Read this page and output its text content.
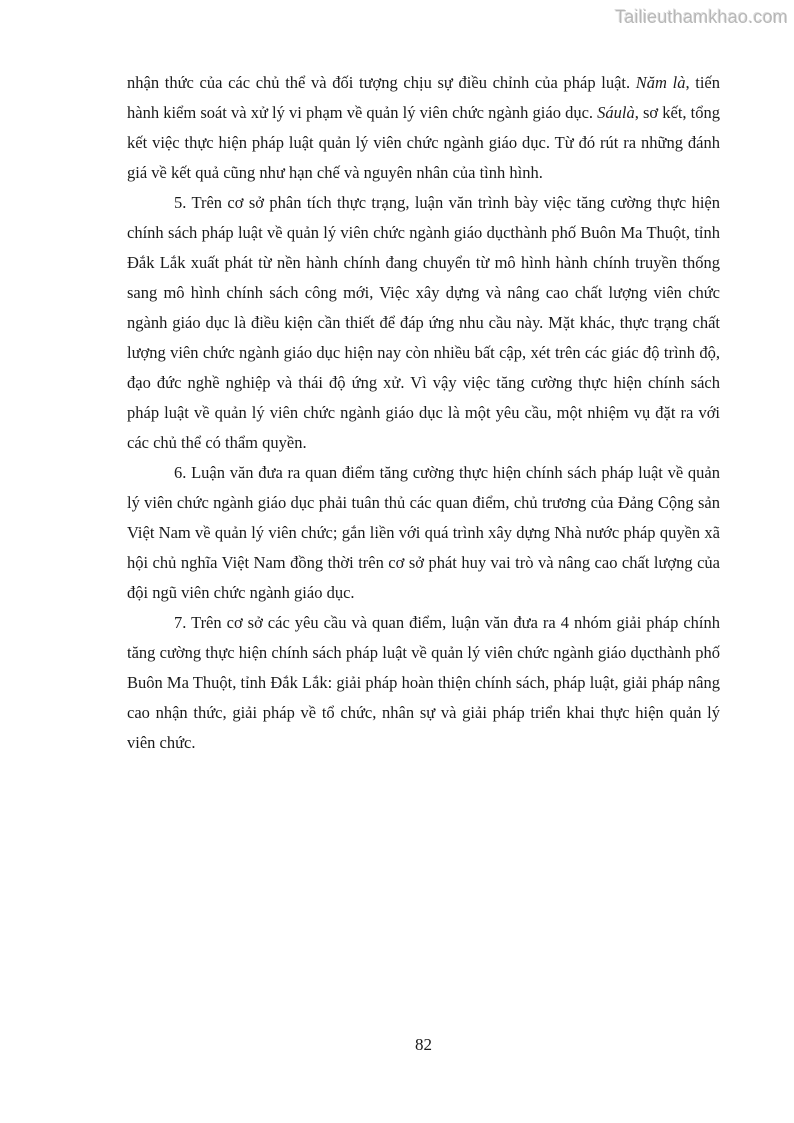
Tailieuthamkhao.com

nhận thức của các chủ thể và đối tượng chịu sự điều chỉnh của pháp luật. Năm là, tiến hành kiểm soát và xử lý vi phạm về quản lý viên chức ngành giáo dục. Sáulà, sơ kết, tổng kết việc thực hiện pháp luật quản lý viên chức ngành giáo dục. Từ đó rút ra những đánh giá về kết quả cũng như hạn chế và nguyên nhân của tình hình.

5. Trên cơ sở phân tích thực trạng, luận văn trình bày việc tăng cường thực hiện chính sách pháp luật về quản lý viên chức ngành giáo dụcthành phố Buôn Ma Thuột, tỉnh Đắk Lắk xuất phát từ nền hành chính đang chuyển từ mô hình hành chính truyền thống sang mô hình chính sách công mới, Việc xây dựng và nâng cao chất lượng viên chức ngành giáo dục là điều kiện cần thiết để đáp ứng nhu cầu này. Mặt khác, thực trạng chất lượng viên chức ngành giáo dục hiện nay còn nhiều bất cập, xét trên các giác độ trình độ, đạo đức nghề nghiệp và thái độ ứng xử. Vì vậy việc tăng cường thực hiện chính sách pháp luật về quản lý viên chức ngành giáo dục là một yêu cầu, một nhiệm vụ đặt ra với các chủ thể có thẩm quyền.

6. Luận văn đưa ra quan điểm tăng cường thực hiện chính sách pháp luật về quản lý viên chức ngành giáo dục phải tuân thủ các quan điểm, chủ trương của Đảng Cộng sản Việt Nam về quản lý viên chức; gắn liền với quá trình xây dựng Nhà nước pháp quyền xã hội chủ nghĩa Việt Nam đồng thời trên cơ sở phát huy vai trò và nâng cao chất lượng của đội ngũ viên chức ngành giáo dục.

7. Trên cơ sở các yêu cầu và quan điểm, luận văn đưa ra 4 nhóm giải pháp chính tăng cường thực hiện chính sách pháp luật về quản lý viên chức ngành giáo dụcthành phố Buôn Ma Thuột, tỉnh Đắk Lắk: giải pháp hoàn thiện chính sách, pháp luật, giải pháp nâng cao nhận thức, giải pháp về tổ chức, nhân sự và giải pháp triển khai thực hiện quản lý viên chức.

82
